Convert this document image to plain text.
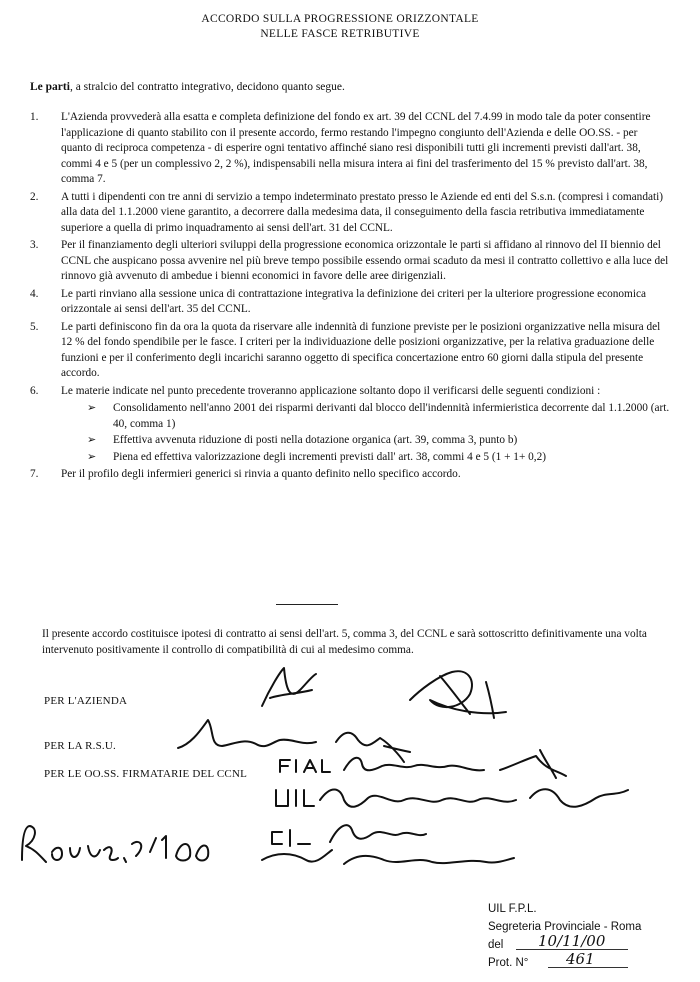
ACCORDO SULLA PROGRESSIONE ORIZZONTALE
NELLE FASCE RETRIBUTIVE
Le parti, a stralcio del contratto integrativo, decidono quanto segue.
1.	L'Azienda provvederà alla esatta e completa definizione del fondo ex art. 39 del CCNL del 7.4.99 in modo tale da poter consentire l'applicazione di quanto stabilito con il presente accordo, fermo restando l'impegno congiunto dell'Azienda e delle OO.SS. - per quanto di reciproca competenza - di esperire ogni tentativo affinché siano resi disponibili tutti gli incrementi previsti dall'art. 38, commi 4 e 5 (per un complessivo 2, 2 %), indispensabili nella misura intera ai fini del trasferimento del 15 % previsto dall'art. 38, comma 7.
2.	A tutti i dipendenti con tre anni di servizio a tempo indeterminato prestato presso le Aziende ed enti del S.s.n. (compresi i comandati) alla data del 1.1.2000 viene garantito, a decorrere dalla medesima data, il conseguimento della fascia retributiva immediatamente superiore a quella di primo inquadramento ai sensi dell'art. 31 del CCNL.
3.	Per il finanziamento degli ulteriori sviluppi della progressione economica orizzontale le parti si affidano al rinnovo del II biennio del CCNL che auspicano possa avvenire nel più breve tempo possibile essendo ormai scaduto da mesi il contratto collettivo e alla luce del rinnovo già avvenuto di ambedue i bienni economici in favore delle aree dirigenziali.
4.	Le parti rinviano alla sessione unica di contrattazione integrativa la definizione dei criteri per la ulteriore progressione economica orizzontale ai sensi dell'art. 35 del CCNL.
5.	Le parti definiscono fin da ora la quota da riservare alle indennità di funzione previste per le posizioni organizzative nella misura del 12 % del fondo spendibile per le fasce. I criteri per la individuazione delle posizioni organizzative, per la relativa graduazione delle funzioni e per il conferimento degli incarichi saranno oggetto di specifica concertazione entro 60 giorni dalla stipula del presente accordo.
6.	Le materie indicate nel punto precedente troveranno applicazione soltanto dopo il verificarsi delle seguenti condizioni :
➢ Consolidamento nell'anno 2001 dei risparmi derivanti dal blocco dell'indennità infermieristica decorrente dal 1.1.2000 (art. 40, comma 1)
➢ Effettiva avvenuta riduzione di posti nella dotazione organica (art. 39, comma 3, punto b)
➢ Piena ed effettiva valorizzazione degli incrementi previsti dall' art. 38, commi 4 e 5 (1 + 1+ 0,2)
7.	Per il profilo degli infermieri generici si rinvia a quanto definito nello specifico accordo.
Il presente accordo costituisce ipotesi di contratto ai sensi dell'art. 5, comma 3, del CCNL e sarà sottoscritto definitivamente una volta intervenuto positivamente il controllo di compatibilità di cui al medesimo comma.
PER L'AZIENDA
PER LA R.S.U.
PER LE OO.SS. FIRMATARIE DEL CCNL
UIL F.P.L.
Segreteria Provinciale - Roma
del 10/11/00
Prot. N°	461
